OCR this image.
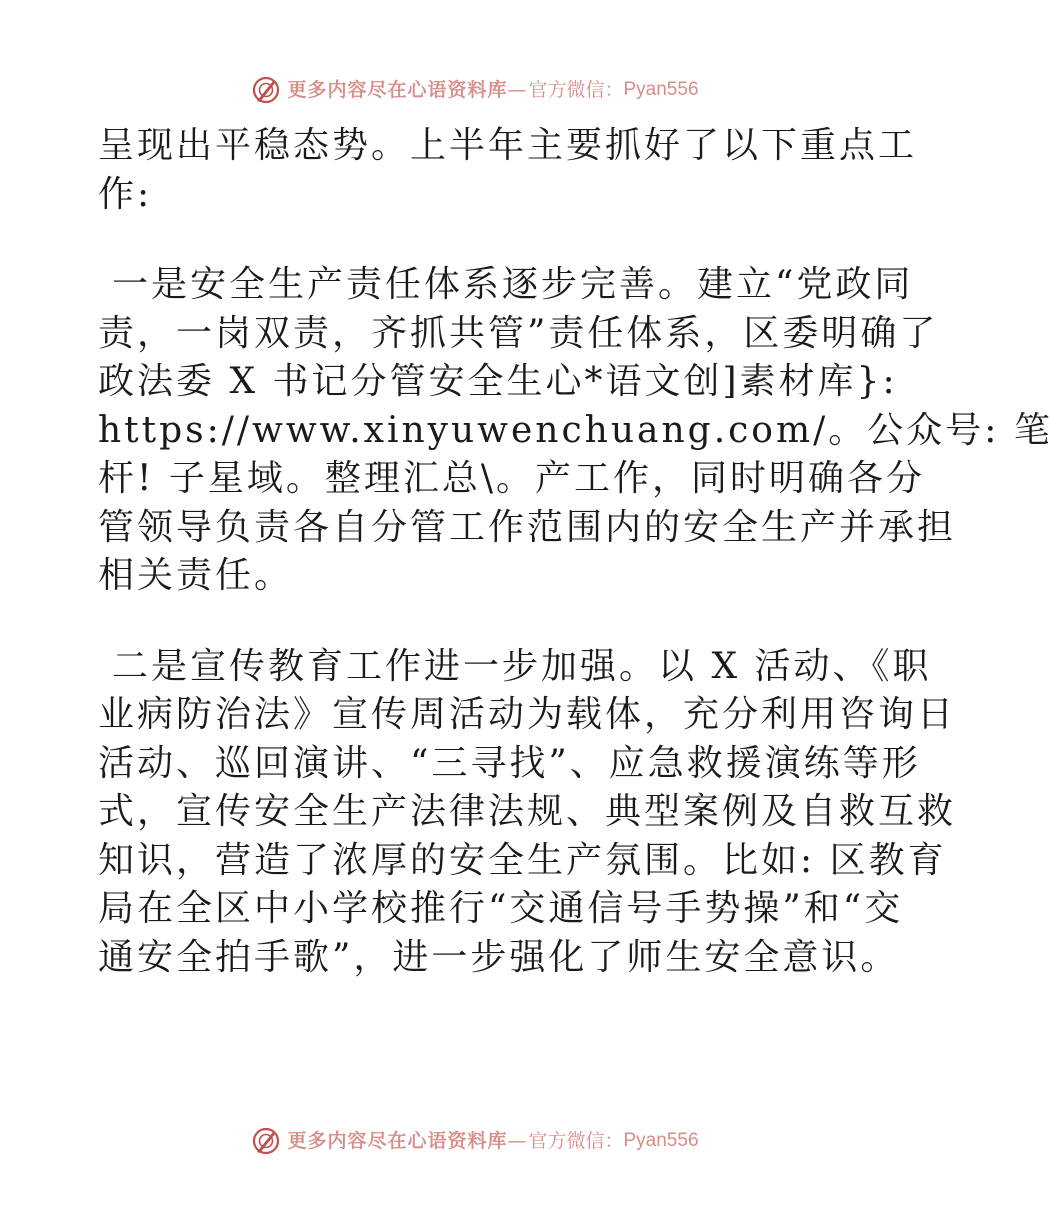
更多内容尽在心语资料库 — 官方微信： Pyan556

呈现出平稳态势。上半年主要抓好了以下重点工
作:

一是安全生产责任体系逐步完善。建立“党政同
责，一岗双责，齐抓共管”责任体系，区委明确了
政法委 X 书记分管安全生心*语文创]素材库}:
https://www.xinyuwenchuang.com/。公众号: 笔
杆! 子星域。整理汇总\。产工作，同时明确各分
管领导负责各自分管工作范围内的安全生产并承担
相关责任。

二是宣传教育工作进一步加强。以 X 活动、《职
业病防治法》宣传周活动为载体，充分利用咨询日
活动、巡回演讲、“三寻找”、应急救援演练等形
式，宣传安全生产法律法规、典型案例及自救互救
知识，营造了浓厚的安全生产氛围。比如: 区教育
局在全区中小学校推行“交通信号手势操”和“交
通安全拍手歌”，进一步强化了师生安全意识。

更多内容尽在心语资料库 — 官方微信： Pyan556
